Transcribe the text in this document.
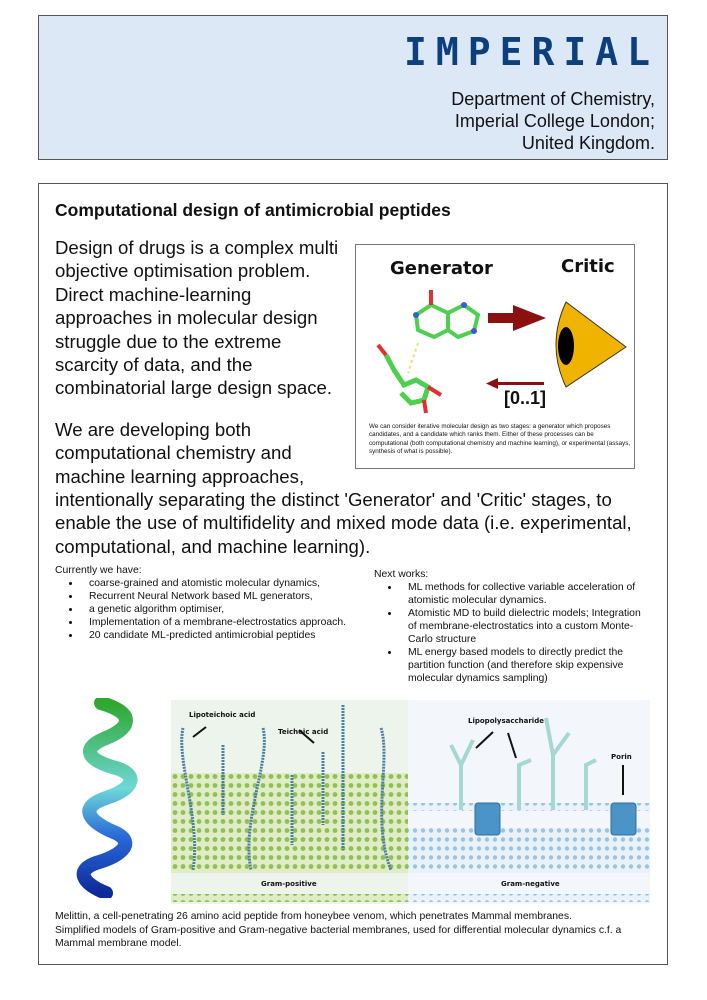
IMPERIAL
Department of Chemistry,
Imperial College London;
United Kingdom.
Computational design of antimicrobial peptides
Generator	Critic
[0..1]
We can consider iterative molecular design as two stages: a generator which proposes candidates, and a candidate which ranks them. Either of these processes can be computational (both computational chemistry and machine learning), or experimental (assays, synthesis of what is possible).

Design of drugs is a complex multi objective optimisation problem. Direct machine-learning approaches in molecular design struggle due to the extreme scarcity of data, and the combinatorial large design space.

We are developing both computational chemistry and machine learning approaches, intentionally separating the distinct 'Generator' and 'Critic' stages, to enable the use of multifidelity and mixed mode data (i.e. experimental, computational, and machine learning).

Currently we have:
• coarse-grained and atomistic molecular dynamics,
• Recurrent Neural Network based ML generators,
• a genetic algorithm optimiser,
• Implementation of a membrane-electrostatics approach.
• 20 candidate ML-predicted antimicrobial peptides
Next works:
• ML methods for collective variable acceleration of atomistic molecular dynamics.
• Atomistic MD to build dielectric models; Integration of membrane-electrostatics into a custom Monte-Carlo structure
• ML energy based models to directly predict the partition function (and therefore skip expensive molecular dynamics sampling)
Lipoteichoic acid
Teichoic acid
Gram-positive
Lipopolysaccharide
Porin
Gram-negative
Melittin, a cell-penetrating 26 amino acid peptide from honeybee venom, which penetrates Mammal membranes.
Simplified models of Gram-positive and Gram-negative bacterial membranes, used for differential molecular dynamics c.f. a Mammal membrane model.
